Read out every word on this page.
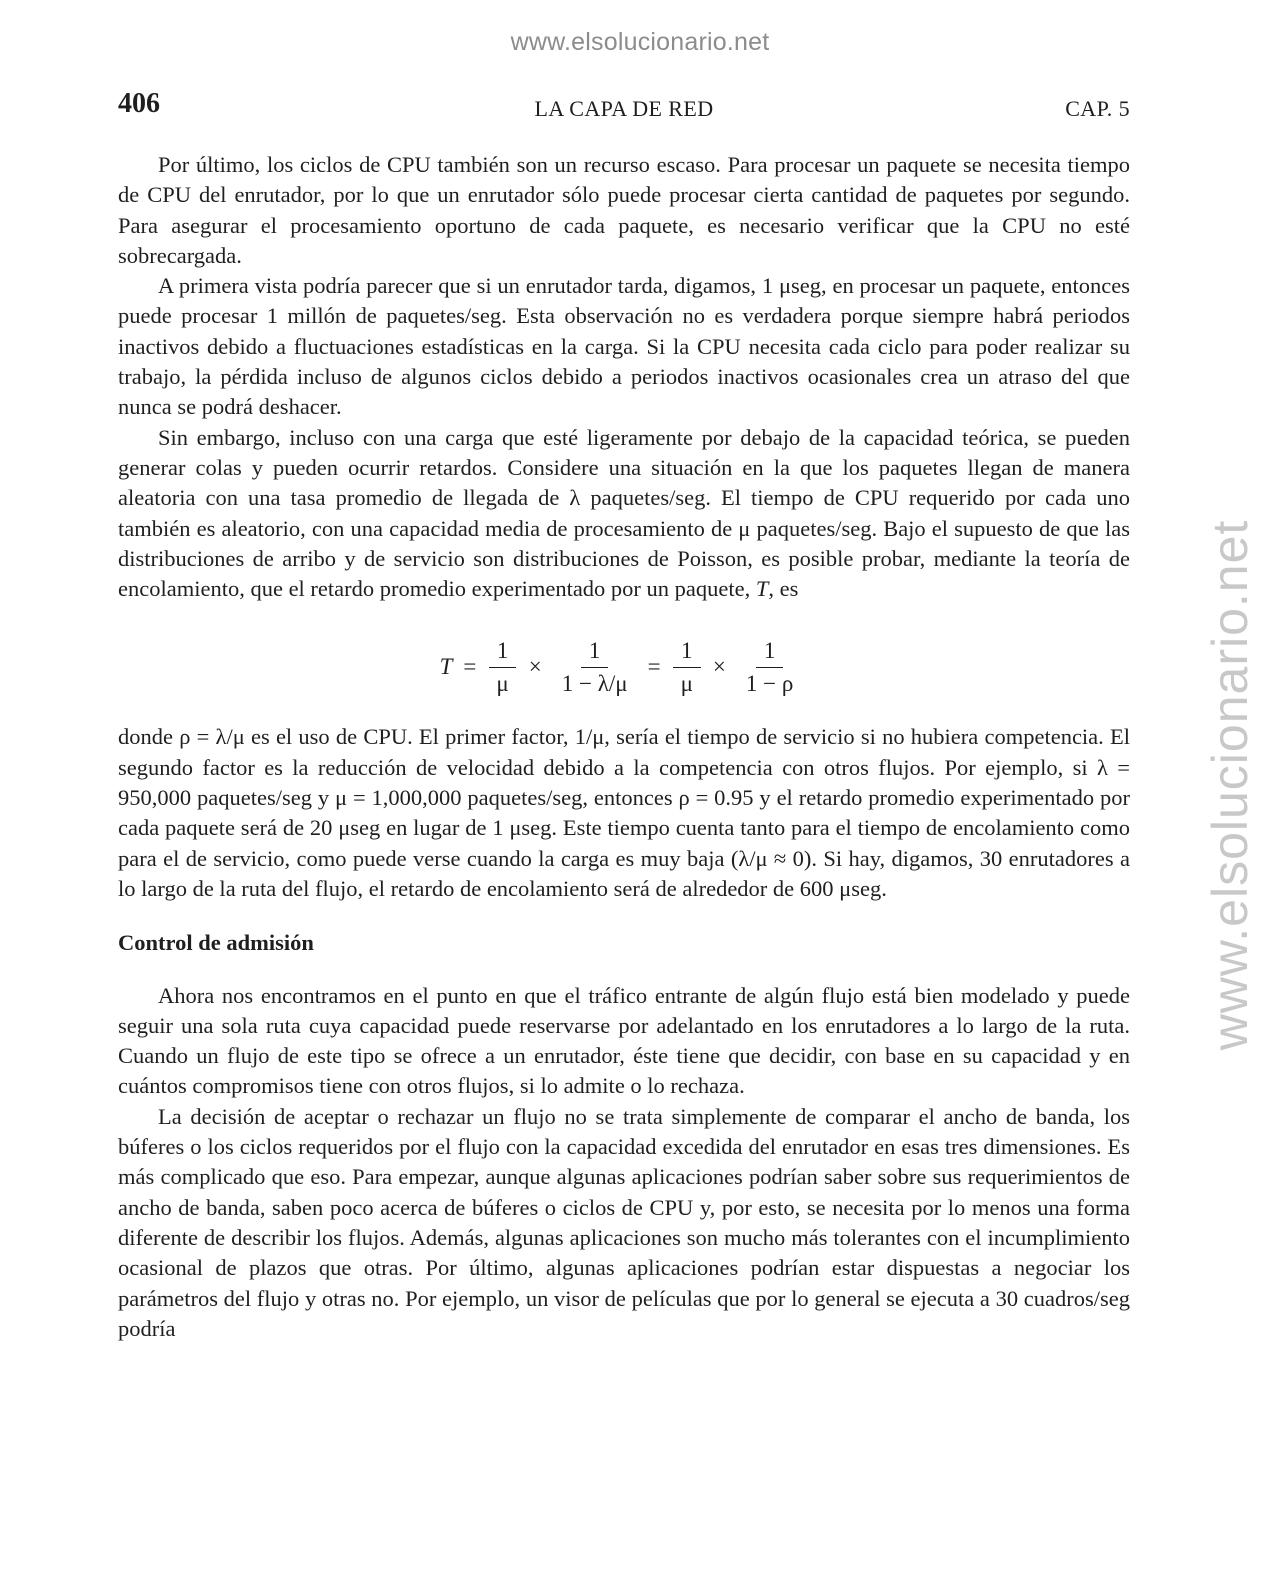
www.elsolucionario.net
www.elsolucionario.net
406	LA CAPA DE RED	CAP. 5

Por último, los ciclos de CPU también son un recurso escaso. Para procesar un paquete se necesita tiempo de CPU del enrutador, por lo que un enrutador sólo puede procesar cierta cantidad de paquetes por segundo. Para asegurar el procesamiento oportuno de cada paquete, es necesario verificar que la CPU no esté sobrecargada.

A primera vista podría parecer que si un enrutador tarda, digamos, 1 μseg, en procesar un paquete, entonces puede procesar 1 millón de paquetes/seg. Esta observación no es verdadera porque siempre habrá periodos inactivos debido a fluctuaciones estadísticas en la carga. Si la CPU necesita cada ciclo para poder realizar su trabajo, la pérdida incluso de algunos ciclos debido a periodos inactivos ocasionales crea un atraso del que nunca se podrá deshacer.

Sin embargo, incluso con una carga que esté ligeramente por debajo de la capacidad teórica, se pueden generar colas y pueden ocurrir retardos. Considere una situación en la que los paquetes llegan de manera aleatoria con una tasa promedio de llegada de λ paquetes/seg. El tiempo de CPU requerido por cada uno también es aleatorio, con una capacidad media de procesamiento de μ paquetes/seg. Bajo el supuesto de que las distribuciones de arribo y de servicio son distribuciones de Poisson, es posible probar, mediante la teoría de encolamiento, que el retardo promedio experimentado por un paquete, T, es

$T = \frac{1}{\mu} \times \frac{1}{1 - \lambda/\mu} = \frac{1}{\mu} \times \frac{1}{1 - \rho}$

donde ρ = λ/μ es el uso de CPU. El primer factor, 1/μ, sería el tiempo de servicio si no hubiera competencia. El segundo factor es la reducción de velocidad debido a la competencia con otros flujos. Por ejemplo, si λ = 950,000 paquetes/seg y μ = 1,000,000 paquetes/seg, entonces ρ = 0.95 y el retardo promedio experimentado por cada paquete será de 20 μseg en lugar de 1 μseg. Este tiempo cuenta tanto para el tiempo de encolamiento como para el de servicio, como puede verse cuando la carga es muy baja (λ/μ ≈ 0). Si hay, digamos, 30 enrutadores a lo largo de la ruta del flujo, el retardo de encolamiento será de alrededor de 600 μseg.

Control de admisión

Ahora nos encontramos en el punto en que el tráfico entrante de algún flujo está bien modelado y puede seguir una sola ruta cuya capacidad puede reservarse por adelantado en los enrutadores a lo largo de la ruta. Cuando un flujo de este tipo se ofrece a un enrutador, éste tiene que decidir, con base en su capacidad y en cuántos compromisos tiene con otros flujos, si lo admite o lo rechaza.

La decisión de aceptar o rechazar un flujo no se trata simplemente de comparar el ancho de banda, los búferes o los ciclos requeridos por el flujo con la capacidad excedida del enrutador en esas tres dimensiones. Es más complicado que eso. Para empezar, aunque algunas aplicaciones podrían saber sobre sus requerimientos de ancho de banda, saben poco acerca de búferes o ciclos de CPU y, por esto, se necesita por lo menos una forma diferente de describir los flujos. Además, algunas aplicaciones son mucho más tolerantes con el incumplimiento ocasional de plazos que otras. Por último, algunas aplicaciones podrían estar dispuestas a negociar los parámetros del flujo y otras no. Por ejemplo, un visor de películas que por lo general se ejecuta a 30 cuadros/seg podría
